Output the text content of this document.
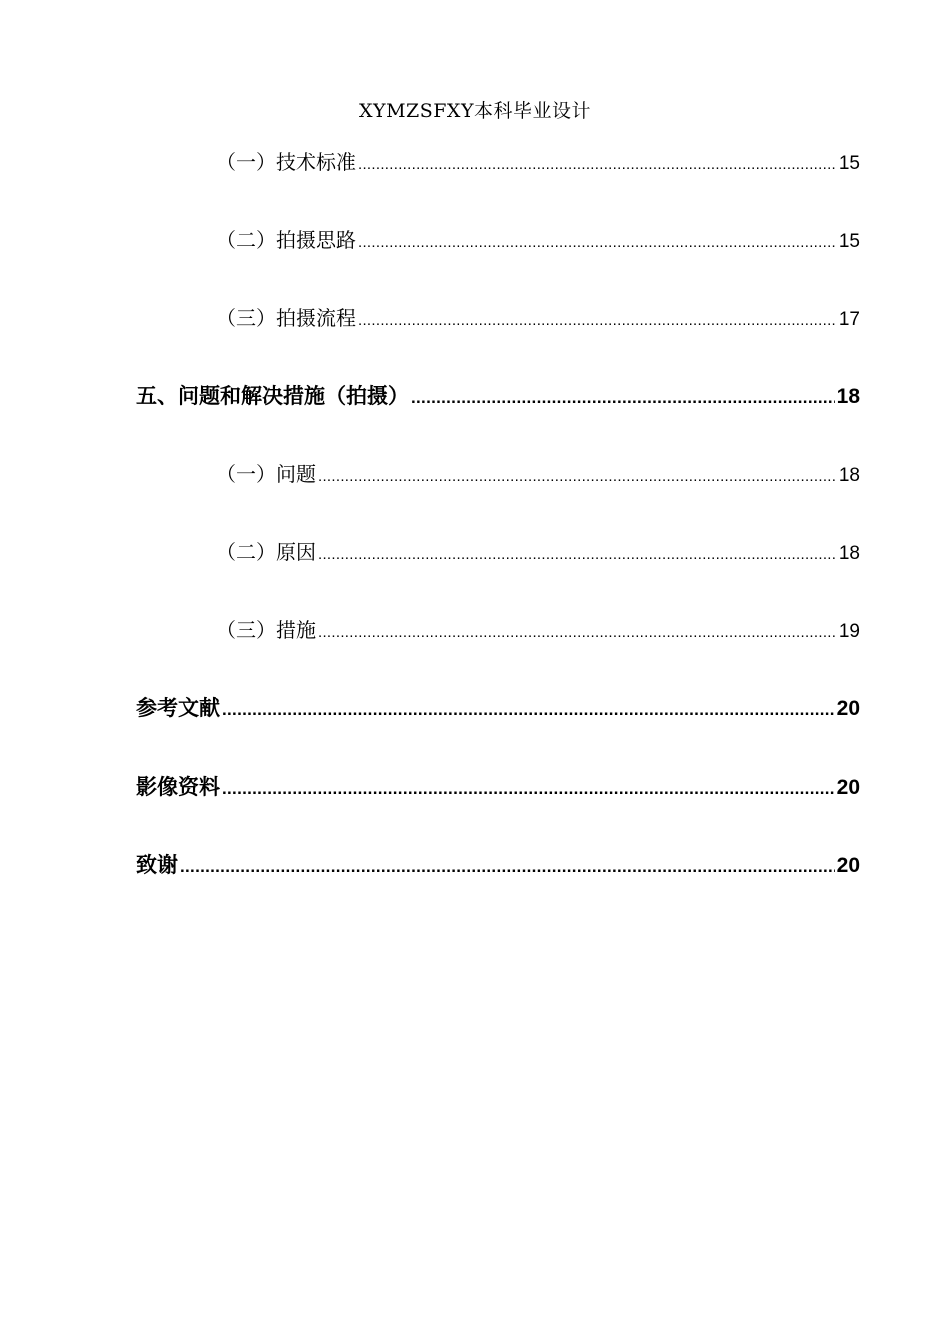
XYMZSFXY本科毕业设计
（一）技术标准 .....	15
（二）拍摄思路 .....	15
（三）拍摄流程 .....	17
五、 问题和解决措施（拍摄） .....	18
（一）问题 .....	18
（二）原因 .....	18
（三）措施 .....	19
参考文献 .....	20
影像资料 .....	20
致谢 .....	20
